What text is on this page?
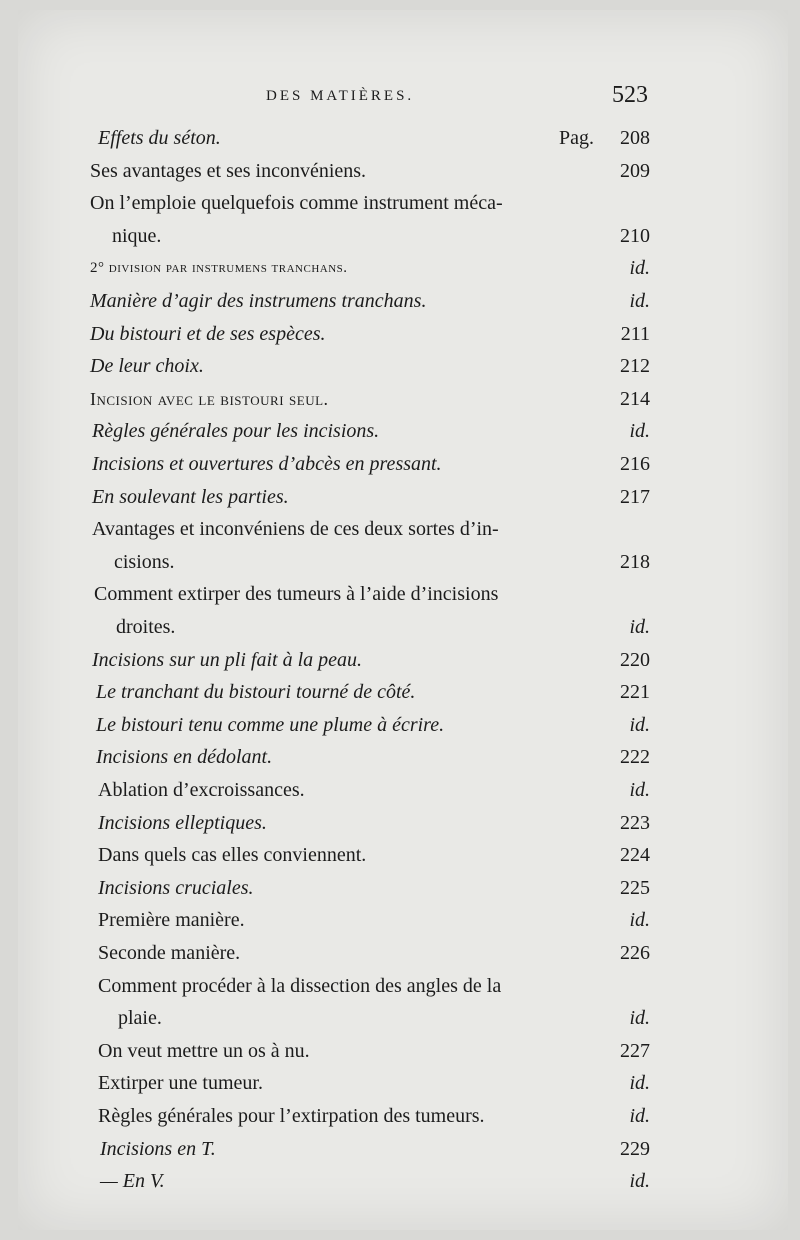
DES MATIÈRES.	523
Effets du séton.	Pag. 208
Ses avantages et ses inconvéniens.	209
On l’emploie quelquefois comme instrument méca-
nique.	210
2° division par instrumens tranchans.	id.
Manière d’agir des instrumens tranchans.	id.
Du bistouri et de ses espèces.	211
De leur choix.	212
Incision avec le bistouri seul.	214
Règles générales pour les incisions.	id.
Incisions et ouvertures d’abcès en pressant.	216
En soulevant les parties.	217
Avantages et inconvéniens de ces deux sortes d’in-
cisions.	218
Comment extirper des tumeurs à l’aide d’incisions
droites.	id.
Incisions sur un pli fait à la peau.	220
Le tranchant du bistouri tourné de côté.	221
Le bistouri tenu comme une plume à écrire.	id.
Incisions en dédolant.	222
Ablation d’excroissances.	id.
Incisions elleptiques.	223
Dans quels cas elles conviennent.	224
Incisions cruciales.	225
Première manière.	id.
Seconde manière.	226
Comment procéder à la dissection des angles de la
plaie.	id.
On veut mettre un os à nu.	227
Extirper une tumeur.	id.
Règles générales pour l’extirpation des tumeurs.	id.
Incisions en T.	229
— En V.	id.
